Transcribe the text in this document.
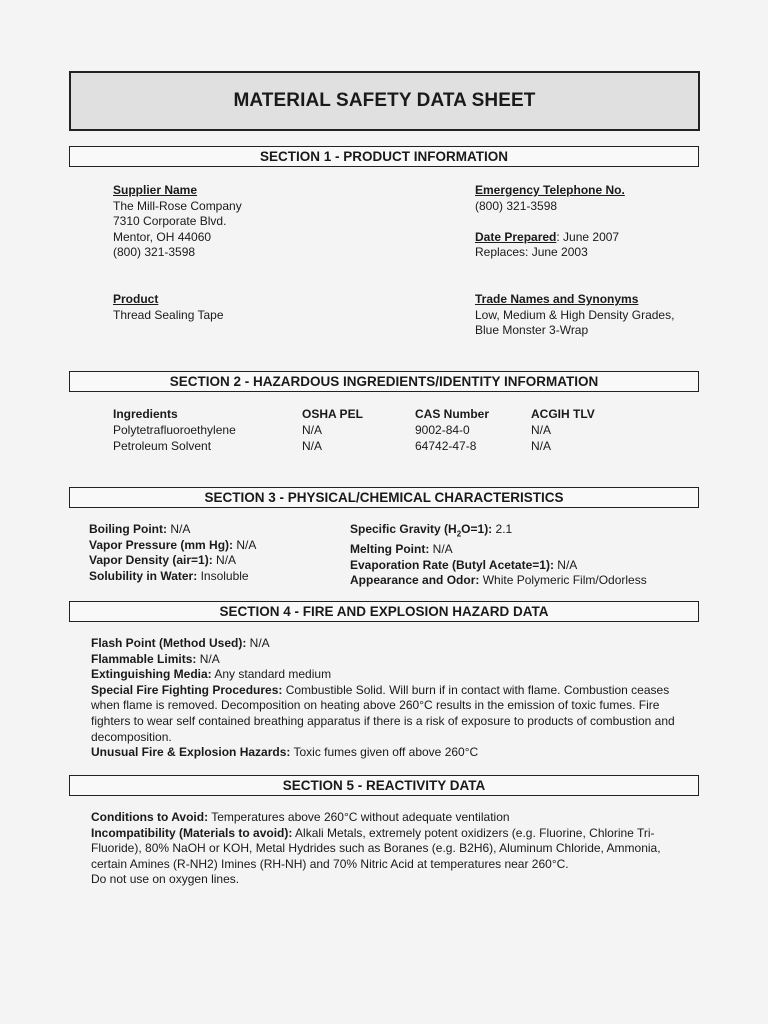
MATERIAL SAFETY DATA SHEET
SECTION 1 - PRODUCT INFORMATION
Supplier Name
The Mill-Rose Company
7310 Corporate Blvd.
Mentor, OH 44060
(800) 321-3598
Emergency Telephone No.
(800) 321-3598
Date Prepared: June 2007
Replaces: June 2003
Product
Thread Sealing Tape
Trade Names and Synonyms
Low, Medium & High Density Grades,
Blue Monster 3-Wrap
SECTION 2 - HAZARDOUS INGREDIENTS/IDENTITY INFORMATION
Ingredients	OSHA PEL	CAS Number	ACGIH TLV
Polytetrafluoroethylene	N/A	9002-84-0	N/A
Petroleum Solvent	N/A	64742-47-8	N/A
SECTION 3 - PHYSICAL/CHEMICAL CHARACTERISTICS
Boiling Point: N/A
Vapor Pressure (mm Hg): N/A
Vapor Density (air=1): N/A
Solubility in Water: Insoluble
Specific Gravity $(H_2O=1)$: 2.1
Melting Point: N/A
Evaporation Rate (Butyl Acetate=1): N/A
Appearance and Odor: White Polymeric Film/Odorless
SECTION 4 - FIRE AND EXPLOSION HAZARD DATA
Flash Point (Method Used): N/A
Flammable Limits: N/A
Extinguishing Media: Any standard medium
Special Fire Fighting Procedures: Combustible Solid. Will burn if in contact with flame. Combustion ceases when flame is removed. Decomposition on heating above 260°C results in the emission of toxic fumes. Fire fighters to wear self contained breathing apparatus if there is a risk of exposure to products of combustion and decomposition.
Unusual Fire & Explosion Hazards: Toxic fumes given off above 260°C
SECTION 5 - REACTIVITY DATA
Conditions to Avoid: Temperatures above 260°C without adequate ventilation
Incompatibility (Materials to avoid): Alkali Metals, extremely potent oxidizers (e.g. Fluorine, Chlorine Tri-Fluoride), 80% NaOH or KOH, Metal Hydrides such as Boranes (e.g. B2H6), Aluminum Chloride, Ammonia, certain Amines (R-NH2) Imines (RH-NH) and 70% Nitric Acid at temperatures near 260°C.
Do not use on oxygen lines.
